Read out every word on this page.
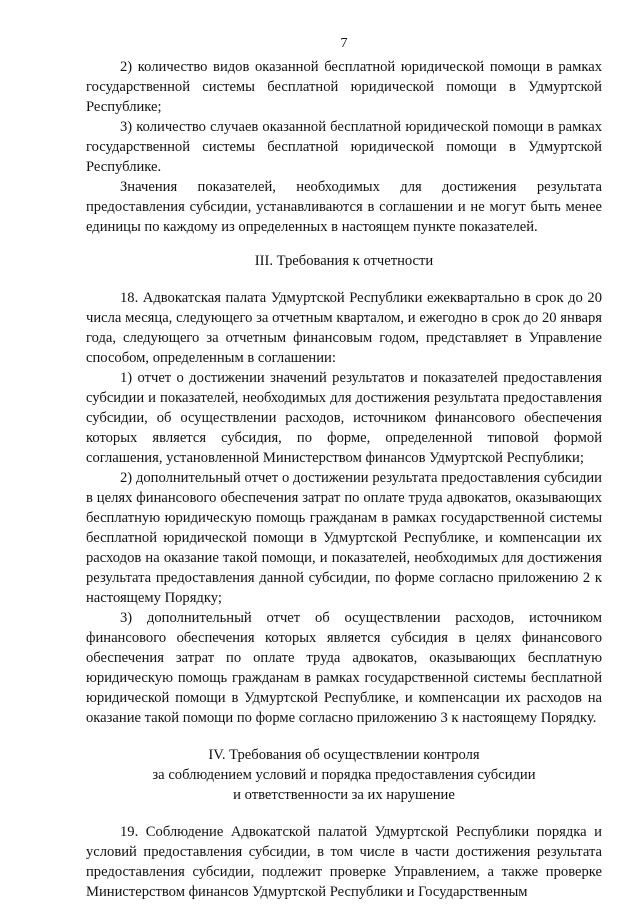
7

2) количество видов оказанной бесплатной юридической помощи в рамках государственной системы бесплатной юридической помощи в Удмуртской Республике;

3) количество случаев оказанной бесплатной юридической помощи в рамках государственной системы бесплатной юридической помощи в Удмуртской Республике.

Значения показателей, необходимых для достижения результата предоставления субсидии, устанавливаются в соглашении и не могут быть менее единицы по каждому из определенных в настоящем пункте показателей.

III. Требования к отчетности

18. Адвокатская палата Удмуртской Республики ежеквартально в срок до 20 числа месяца, следующего за отчетным кварталом, и ежегодно в срок до 20 января года, следующего за отчетным финансовым годом, представляет в Управление способом, определенным в соглашении:

1) отчет о достижении значений результатов и показателей предоставления субсидии и показателей, необходимых для достижения результата предоставления субсидии, об осуществлении расходов, источником финансового обеспечения которых является субсидия, по форме, определенной типовой формой соглашения, установленной Министерством финансов Удмуртской Республики;

2) дополнительный отчет о достижении результата предоставления субсидии в целях финансового обеспечения затрат по оплате труда адвокатов, оказывающих бесплатную юридическую помощь гражданам в рамках государственной системы бесплатной юридической помощи в Удмуртской Республике, и компенсации их расходов на оказание такой помощи, и показателей, необходимых для достижения результата предоставления данной субсидии, по форме согласно приложению 2 к настоящему Порядку;

3) дополнительный отчет об осуществлении расходов, источником финансового обеспечения которых является субсидия в целях финансового обеспечения затрат по оплате труда адвокатов, оказывающих бесплатную юридическую помощь гражданам в рамках государственной системы бесплатной юридической помощи в Удмуртской Республике, и компенсации их расходов на оказание такой помощи по форме согласно приложению 3 к настоящему Порядку.

IV. Требования об осуществлении контроля
за соблюдением условий и порядка предоставления субсидии
и ответственности за их нарушение

19. Соблюдение Адвокатской палатой Удмуртской Республики порядка и условий предоставления субсидии, в том числе в части достижения результата предоставления субсидии, подлежит проверке Управлением, а также проверке Министерством финансов Удмуртской Республики и Государственным
